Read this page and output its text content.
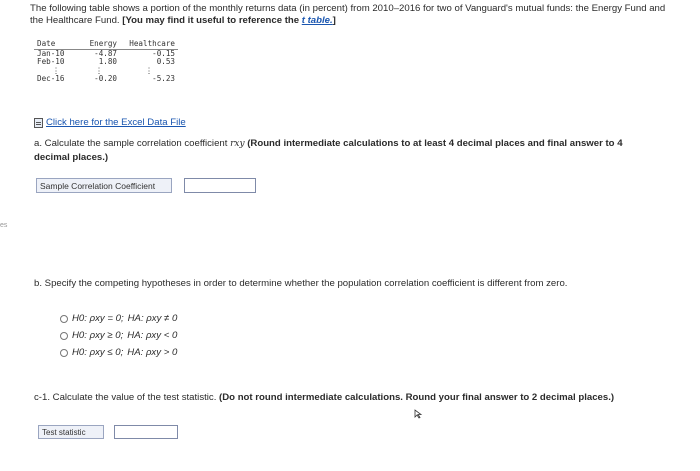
The following table shows a portion of the monthly returns data (in percent) from 2010–2016 for two of Vanguard's mutual funds: the Energy Fund and the Healthcare Fund. [You may find it useful to reference the t table.]
Date	Energy	Healthcare
Jan-10	-4.87	-0.15
Feb-10	1.80	0.53
⋮	⋮	⋮
Dec-16	-0.20	-5.23
Click here for the Excel Data File
a. Calculate the sample correlation coefficient rxy (Round intermediate calculations to at least 4 decimal places and final answer to 4 decimal places.)
Sample Correlation Coefficient
es
b. Specify the competing hypotheses in order to determine whether the population correlation coefficient is different from zero.
H0: ρxy = 0; HA: ρxy ≠ 0
H0: ρxy ≥ 0; HA: ρxy < 0
H0: ρxy ≤ 0; HA: ρxy > 0
c-1. Calculate the value of the test statistic. (Do not round intermediate calculations. Round your final answer to 2 decimal places.)
Test statistic
